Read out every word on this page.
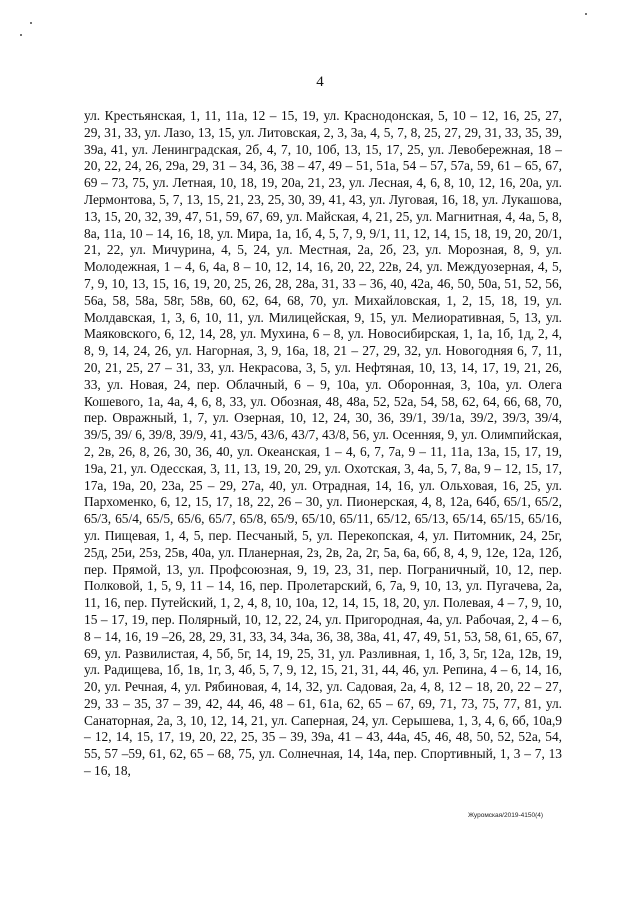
4
ул. Крестьянская, 1, 11, 11а, 12 – 15, 19, ул. Краснодонская, 5, 10 – 12, 16, 25, 27, 29, 31, 33, ул. Лазо, 13, 15, ул. Литовская, 2, 3, 3а, 4, 5, 7, 8, 25, 27, 29, 31, 33, 35, 39, 39а, 41, ул. Ленинградская, 2б, 4, 7, 10, 10б, 13, 15, 17, 25, ул. Левобережная, 18 – 20, 22, 24, 26, 29а, 29, 31 – 34, 36, 38 – 47, 49 – 51, 51а, 54 – 57, 57а, 59, 61 – 65, 67, 69 – 73, 75, ул. Летная, 10, 18, 19, 20а, 21, 23, ул. Лесная, 4, 6, 8, 10, 12, 16, 20а, ул. Лермонтова, 5, 7, 13, 15, 21, 23, 25, 30, 39, 41, 43, ул. Луговая, 16, 18, ул. Лукашова, 13, 15, 20, 32, 39, 47, 51, 59, 67, 69, ул. Майская, 4, 21, 25, ул. Магнитная, 4, 4а, 5, 8, 8а, 11а, 10 – 14, 16, 18, ул. Мира, 1а, 1б, 4, 5, 7, 9, 9/1, 11, 12, 14, 15, 18, 19, 20, 20/1, 21, 22, ул. Мичурина, 4, 5, 24, ул. Местная, 2а, 2б, 23, ул. Морозная, 8, 9, ул. Молодежная, 1 – 4, 6, 4а, 8 – 10, 12, 14, 16, 20, 22, 22в, 24, ул. Междуозерная, 4, 5, 7, 9, 10, 13, 15, 16, 19, 20, 25, 26, 28, 28а, 31, 33 – 36, 40, 42а, 46, 50, 50а, 51, 52, 56, 56а, 58, 58а, 58г, 58в, 60, 62, 64, 68, 70, ул. Михайловская, 1, 2, 15, 18, 19, ул. Молдавская, 1, 3, 6, 10, 11, ул. Милицейская, 9, 15, ул. Мелиоративная, 5, 13, ул. Маяковского, 6, 12, 14, 28, ул. Мухина, 6 – 8, ул. Новосибирская, 1, 1а, 1б, 1д, 2, 4, 8, 9, 14, 24, 26, ул. Нагорная, 3, 9, 16а, 18, 21 – 27, 29, 32, ул. Новогодняя 6, 7, 11, 20, 21, 25, 27 – 31, 33, ул. Некрасова, 3, 5, ул. Нефтяная, 10, 13, 14, 17, 19, 21, 26, 33, ул. Новая, 24, пер. Облачный, 6 – 9, 10а, ул. Оборонная, 3, 10а, ул. Олега Кошевого, 1а, 4а, 4, 6, 8, 33, ул. Обозная, 48, 48а, 52, 52а, 54, 58, 62, 64, 66, 68, 70, пер. Овражный, 1, 7, ул. Озерная, 10, 12, 24, 30, 36, 39/1, 39/1а, 39/2, 39/3, 39/4, 39/5, 39/ 6, 39/8, 39/9, 41, 43/5, 43/6, 43/7, 43/8, 56, ул. Осенняя, 9, ул. Олимпийская, 2, 2в, 26, 8, 26, 30, 36, 40, ул. Океанская, 1 – 4, 6, 7, 7а, 9 – 11, 11а, 13а, 15, 17, 19, 19а, 21, ул. Одесская, 3, 11, 13, 19, 20, 29, ул. Охотская, 3, 4а, 5, 7, 8а, 9 – 12, 15, 17, 17а, 19а, 20, 23а, 25 – 29, 27а, 40, ул. Отрадная, 14, 16, ул. Ольховая, 16, 25, ул. Пархоменко, 6, 12, 15, 17, 18, 22, 26 – 30, ул. Пионерская, 4, 8, 12а, 64б, 65/1, 65/2, 65/3, 65/4, 65/5, 65/6, 65/7, 65/8, 65/9, 65/10, 65/11, 65/12, 65/13, 65/14, 65/15, 65/16, ул. Пищевая, 1, 4, 5, пер. Песчаный, 5, ул. Перекопская, 4, ул. Питомник, 24, 25г, 25д, 25и, 25з, 25в, 40а, ул. Планерная, 2з, 2в, 2а, 2г, 5а, 6а, 6б, 8, 4, 9, 12е, 12а, 12б, пер. Прямой, 13, ул. Профсоюзная, 9, 19, 23, 31, пер. Пограничный, 10, 12, пер. Полковой, 1, 5, 9, 11 – 14, 16, пер. Пролетарский, 6, 7а, 9, 10, 13, ул. Пугачева, 2а, 11, 16, пер. Путейский, 1, 2, 4, 8, 10, 10а, 12, 14, 15, 18, 20, ул. Полевая, 4 – 7, 9, 10, 15 – 17, 19, пер. Полярный, 10, 12, 22, 24, ул. Пригородная, 4а, ул. Рабочая, 2, 4 – 6, 8 – 14, 16, 19 –26, 28, 29, 31, 33, 34, 34а, 36, 38, 38а, 41, 47, 49, 51, 53, 58, 61, 65, 67, 69, ул. Развилистая, 4, 5б, 5г, 14, 19, 25, 31, ул. Разливная, 1, 1б, 3, 5г, 12а, 12в, 19, ул. Радищева, 1б, 1в, 1г, 3, 4б, 5, 7, 9, 12, 15, 21, 31, 44, 46, ул. Репина, 4 – 6, 14, 16, 20, ул. Речная, 4, ул. Рябиновая, 4, 14, 32, ул. Садовая, 2а, 4, 8, 12 – 18, 20, 22 – 27, 29, 33 – 35, 37 – 39, 42, 44, 46, 48 – 61, 61а, 62, 65 – 67, 69, 71, 73, 75, 77, 81, ул. Санаторная, 2а, 3, 10, 12, 14, 21, ул. Саперная, 24, ул. Серышева, 1, 3, 4, 6, 6б, 10а,9 – 12, 14, 15, 17, 19, 20, 22, 25, 35 – 39, 39а, 41 – 43, 44а, 45, 46, 48, 50, 52, 52а, 54, 55, 57 –59, 61, 62, 65 – 68, 75, ул. Солнечная, 14, 14а, пер. Спортивный, 1, 3 – 7, 13 – 16, 18,
Журомская/2019-4150(4)
